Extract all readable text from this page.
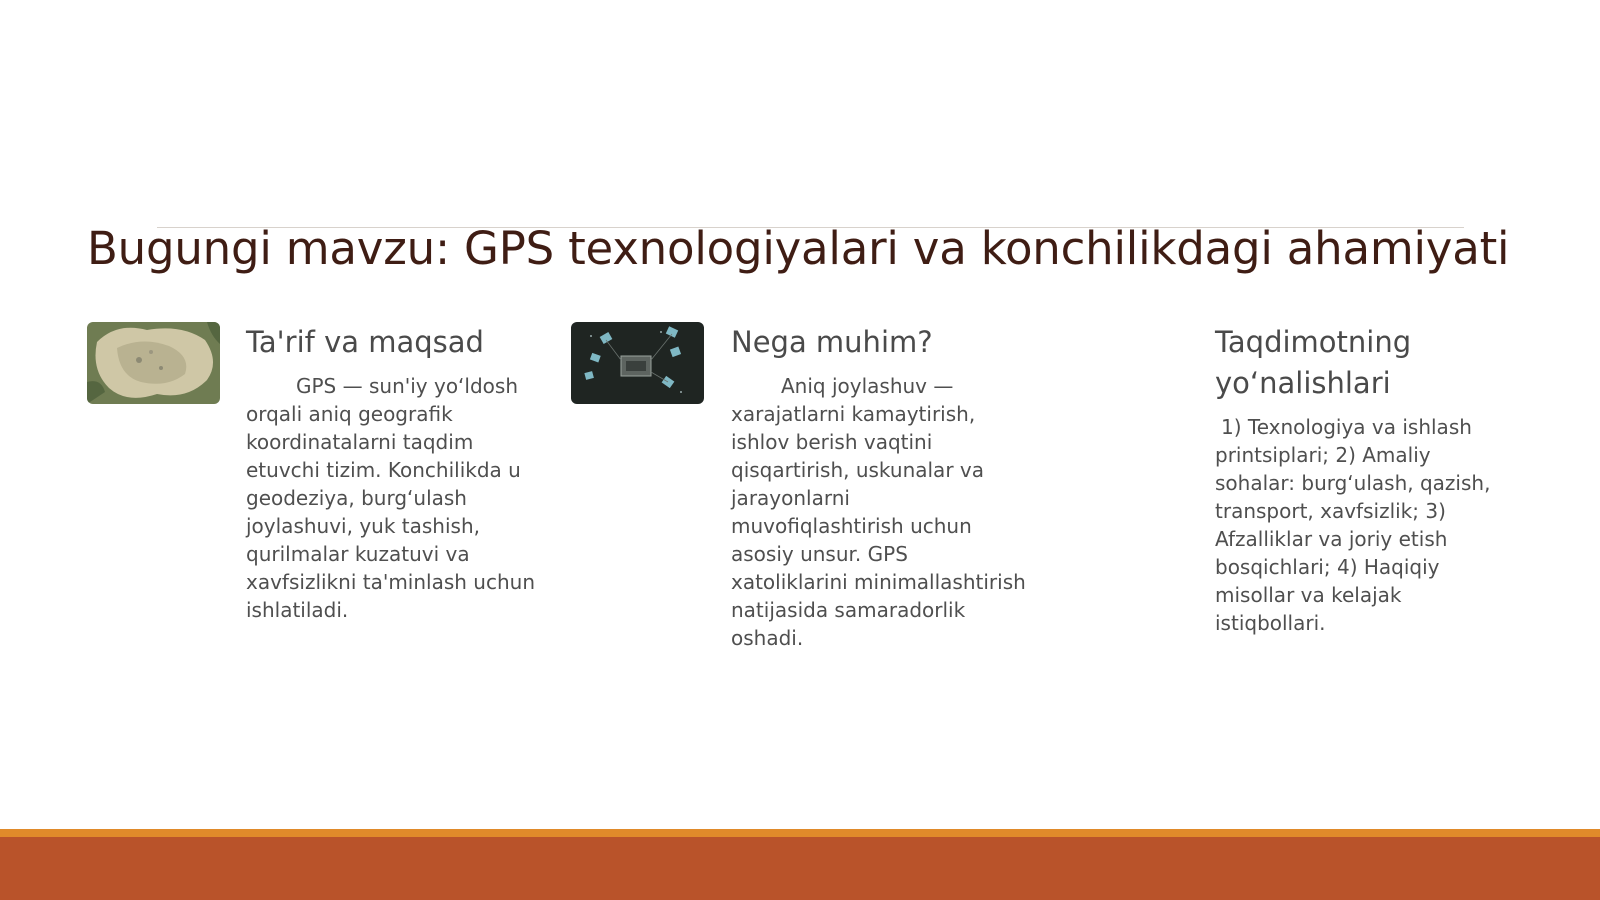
Bugungi mavzu: GPS texnologiyalari va konchilikdagi ahamiyati
Ta'rif va maqsad

GPS — sun'iy yo‘ldosh orqali aniq geografik koordinatalarni taqdim etuvchi tizim. Konchilikda u geodeziya, burg‘ulash joylashuvi, yuk tashish, qurilmalar kuzatuvi va xavfsizlikni ta'minlash uchun ishlatiladi.

Nega muhim?

Aniq joylashuv — xarajatlarni kamaytirish, ishlov berish vaqtini qisqartirish, uskunalar va jarayonlarni muvofiqlashtirish uchun asosiy unsur. GPS xatoliklarini minimallashtirish natijasida samaradorlik oshadi.

Taqdimotning yo‘nalishlari

1) Texnologiya va ishlash printsiplari; 2) Amaliy sohalar: burg‘ulash, qazish, transport, xavfsizlik; 3) Afzalliklar va joriy etish bosqichlari; 4) Haqiqiy misollar va kelajak istiqbollari.
